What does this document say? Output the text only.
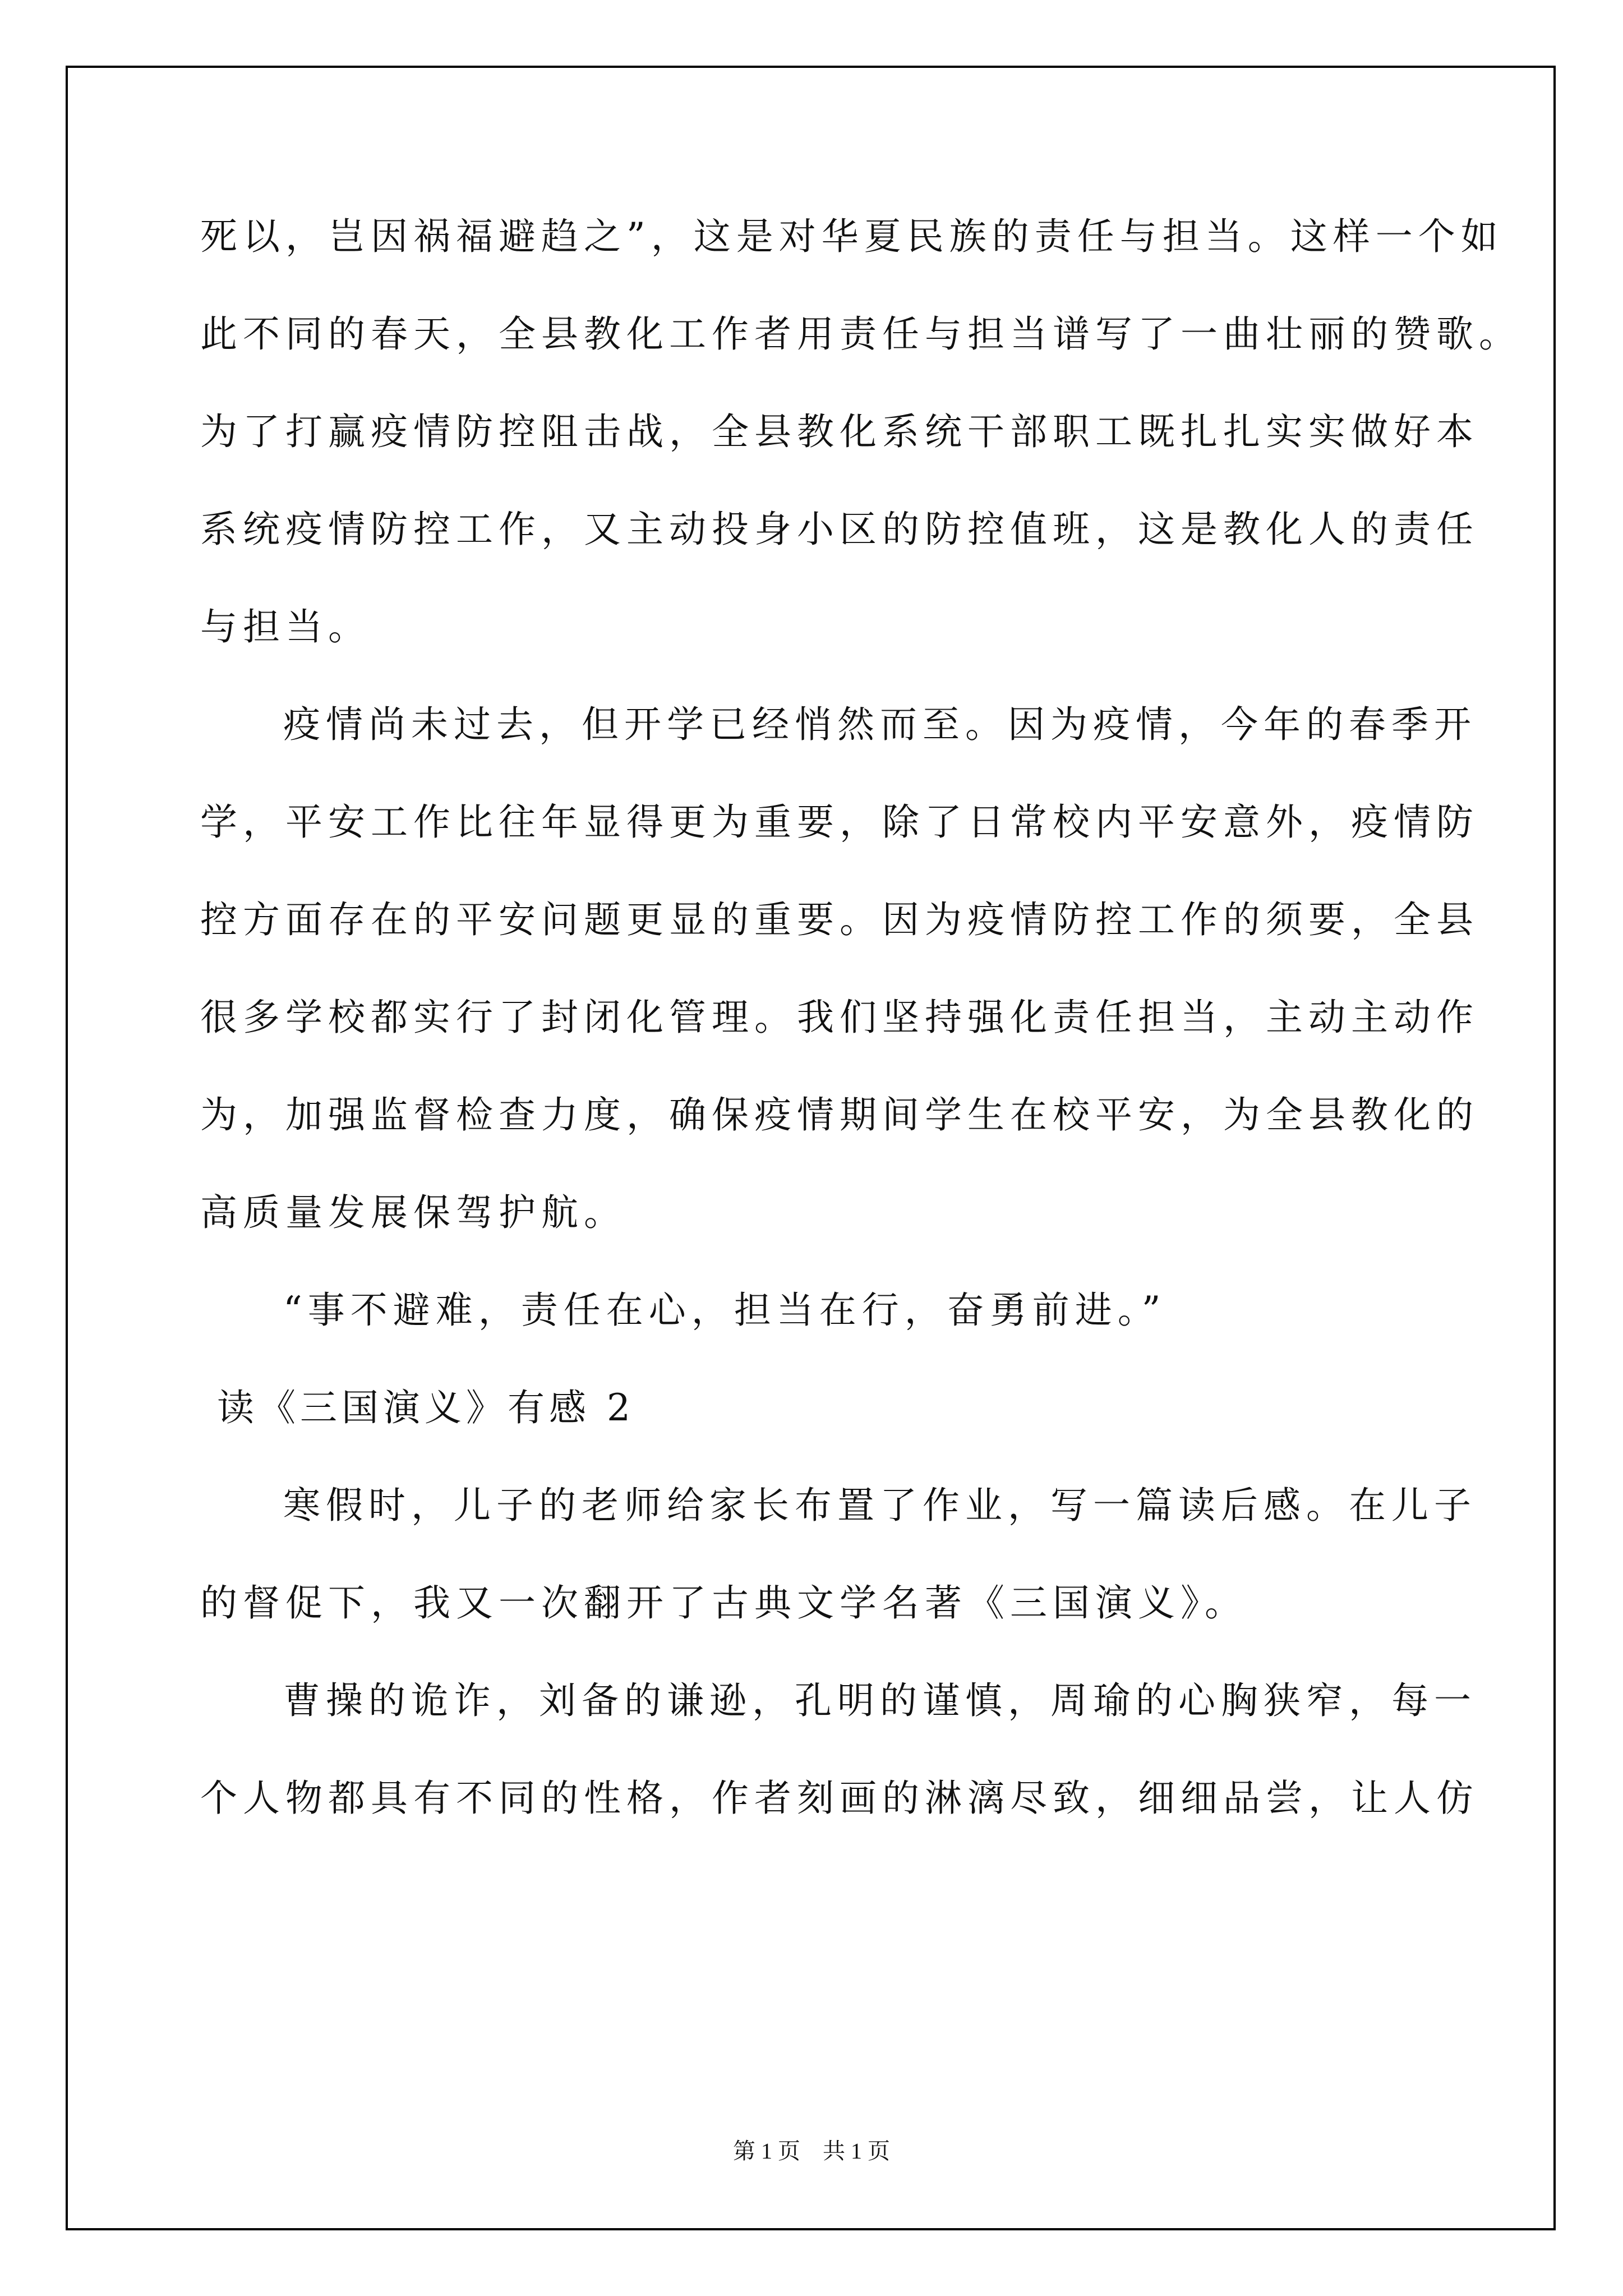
死以，岂因祸福避趋之”，这是对华夏民族的责任与担当。这样一个如
此不同的春天，全县教化工作者用责任与担当谱写了一曲壮丽的赞歌。
为了打赢疫情防控阻击战，全县教化系统干部职工既扎扎实实做好本
系统疫情防控工作，又主动投身小区的防控值班，这是教化人的责任
与担当。
疫情尚未过去，但开学已经悄然而至。因为疫情，今年的春季开
学，平安工作比往年显得更为重要，除了日常校内平安意外，疫情防
控方面存在的平安问题更显的重要。因为疫情防控工作的须要，全县
很多学校都实行了封闭化管理。我们坚持强化责任担当，主动主动作
为，加强监督检查力度，确保疫情期间学生在校平安，为全县教化的
高质量发展保驾护航。
“事不避难，责任在心，担当在行，奋勇前进。”
读《三国演义》有感 2
寒假时，儿子的老师给家长布置了作业，写一篇读后感。在儿子
的督促下，我又一次翻开了古典文学名著《三国演义》。
曹操的诡诈，刘备的谦逊，孔明的谨慎，周瑜的心胸狭窄，每一
个人物都具有不同的性格，作者刻画的淋漓尽致，细细品尝，让人仿
第 1 页　共 1 页
